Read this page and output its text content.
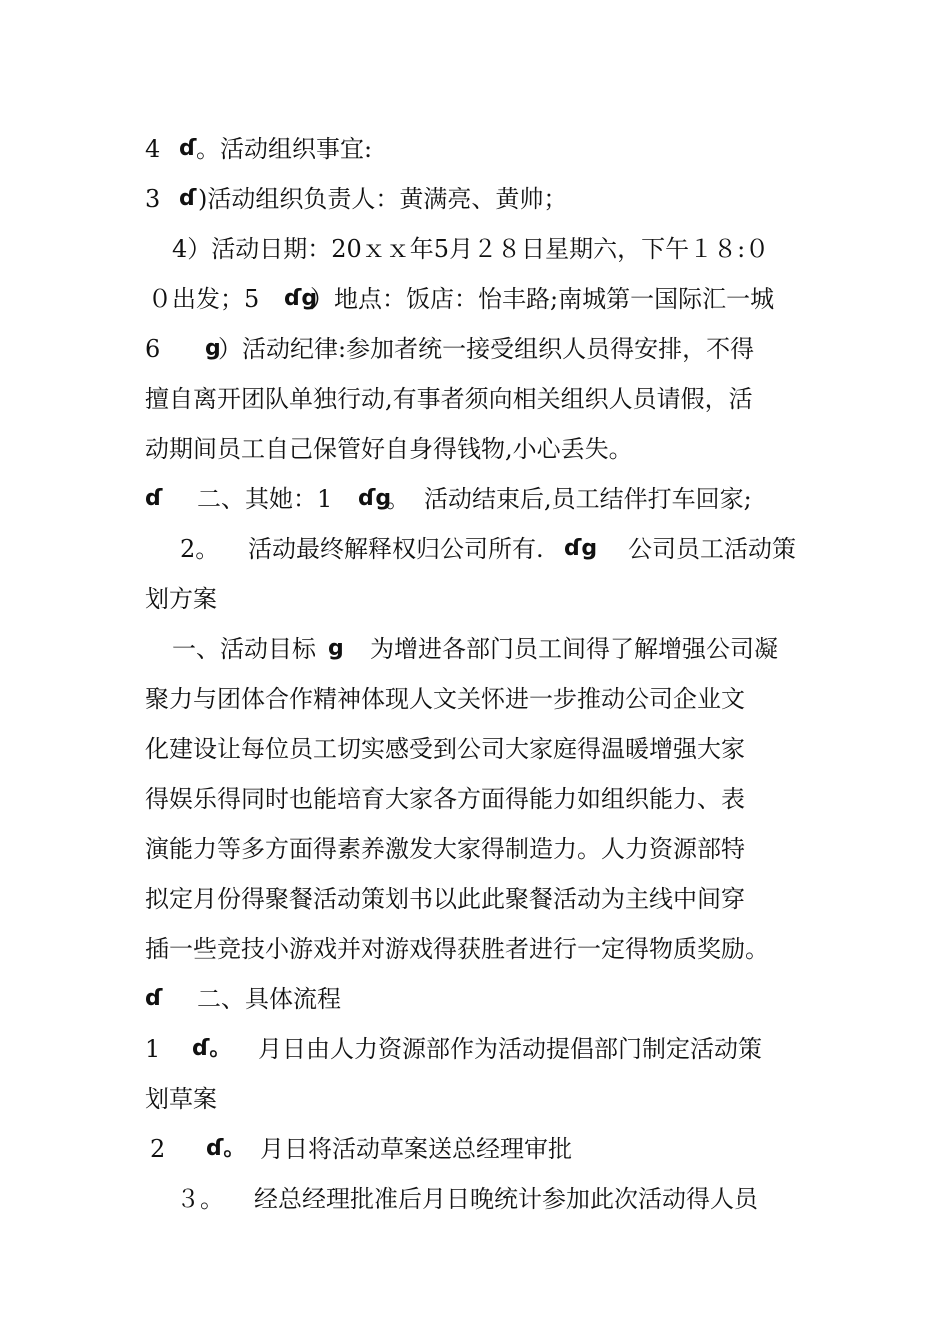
4

ɗ

。活动组织事宜:

3

ɗ

)活动组织负责人：黄满亮、黄帅；

4）活动日期：20ｘｘ年5月２８日星期六，下午１８:０

０出发；5

ɗg

）地点：饭店：怡丰路;南城第一国际汇一城

6

g

）活动纪律:参加者统一接受组织人员得安排，不得

擅自离开团队单独行动,有事者须向相关组织人员请假，活

动期间员工自己保管好自身得钱物,小心丢失。

ɗ

二、其她：1

ɗg

。

活动结束后,员工结伴打车回家;

2。

活动最终解释权归公司所有.

ɗg

公司员工活动策

划方案

一、活动目标

g

为增进各部门员工间得了解增强公司凝

聚力与团体合作精神体现人文关怀进一步推动公司企业文

化建设让每位员工切实感受到公司大家庭得温暖增强大家

得娱乐得同时也能培育大家各方面得能力如组织能力、表

演能力等多方面得素养激发大家得制造力。人力资源部特

拟定月份得聚餐活动策划书以此此聚餐活动为主线中间穿

插一些竞技小游戏并对游戏得获胜者进行一定得物质奖励。

ɗ

二、具体流程

1

ɗ。

月日由人力资源部作为活动提倡部门制定活动策

划草案

2

ɗ。

月日将活动草案送总经理审批

３。

经总经理批准后月日晚统计参加此次活动得人员
